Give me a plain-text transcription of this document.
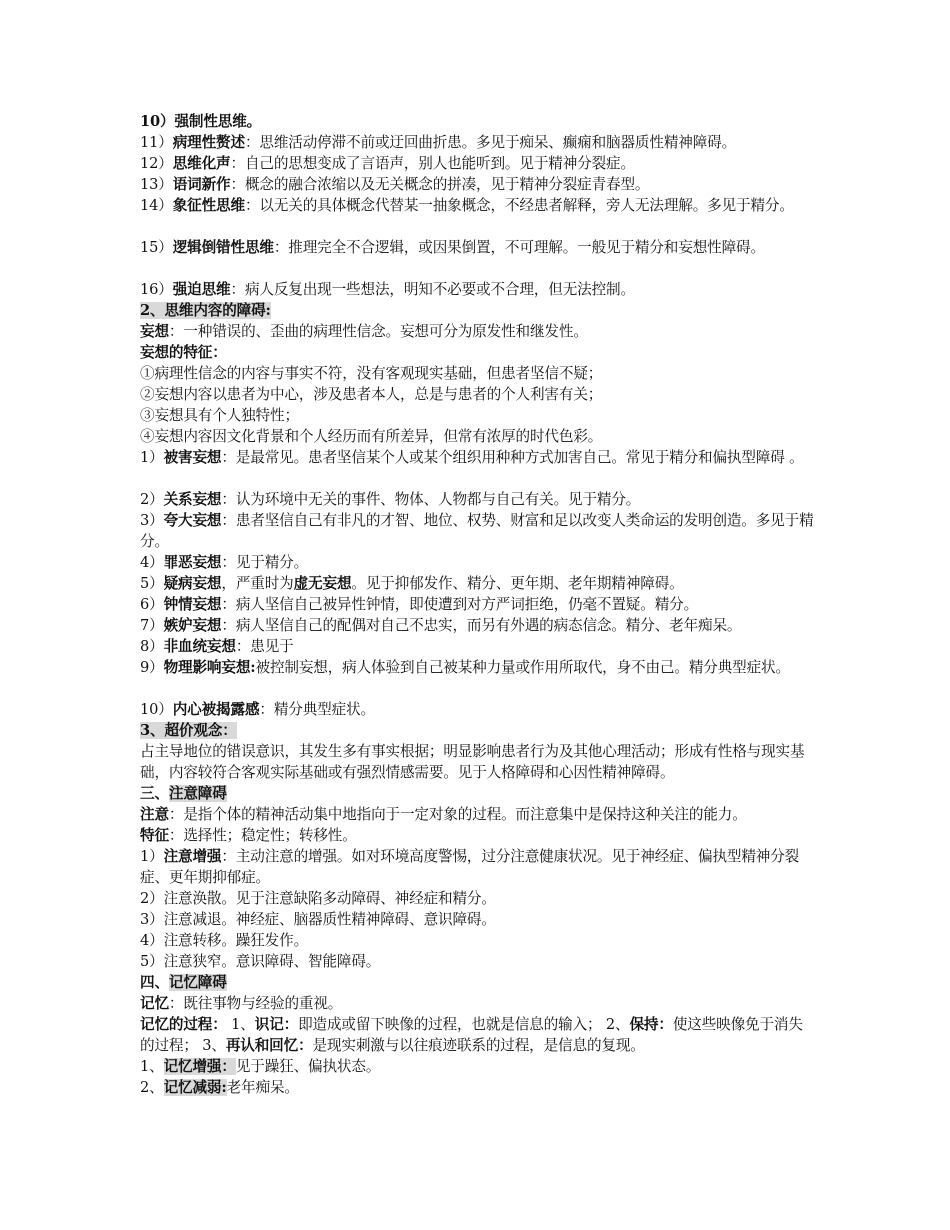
10）强制性思维。
11）病理性赘述：思维活动停滞不前或迂回曲折患。多见于痴呆、癫痫和脑器质性精神障碍。
12）思维化声：自己的思想变成了言语声，别人也能听到。见于精神分裂症。
13）语词新作：概念的融合浓缩以及无关概念的拼凑，见于精神分裂症青春型。
14）象征性思维：以无关的具体概念代替某一抽象概念，不经患者解释，旁人无法理解。多见于精分。
15）逻辑倒错性思维：推理完全不合逻辑，或因果倒置，不可理解。一般见于精分和妄想性障碍。
16）强迫思维：病人反复出现一些想法，明知不必要或不合理，但无法控制。
2、思维内容的障碍:
妄想：一种错误的、歪曲的病理性信念。妄想可分为原发性和继发性。
妄想的特征：
①病理性信念的内容与事实不符，没有客观现实基础，但患者坚信不疑；
②妄想内容以患者为中心，涉及患者本人，总是与患者的个人利害有关；
③妄想具有个人独特性；
④妄想内容因文化背景和个人经历而有所差异，但常有浓厚的时代色彩。
1）被害妄想：是最常见。患者坚信某个人或某个组织用种种方式加害自己。常见于精分和偏执型障碍 。
2）关系妄想：认为环境中无关的事件、物体、人物都与自己有关。见于精分。
3）夸大妄想：患者坚信自己有非凡的才智、地位、权势、财富和足以改变人类命运的发明创造。多见于精分。
4）罪恶妄想：见于精分。
5）疑病妄想，严重时为虚无妄想。见于抑郁发作、精分、更年期、老年期精神障碍。
6）钟情妄想：病人坚信自己被异性钟情，即使遭到对方严词拒绝，仍毫不置疑。精分。
7）嫉妒妄想：病人坚信自己的配偶对自己不忠实，而另有外遇的病态信念。精分、老年痴呆。
8）非血统妄想：患见于
9）物理影响妄想:被控制妄想，病人体验到自己被某种力量或作用所取代，身不由己。精分典型症状。
10）内心被揭露感：精分典型症状。
3、超价观念：
占主导地位的错误意识，其发生多有事实根据；明显影响患者行为及其他心理活动；形成有性格与现实基础，内容较符合客观实际基础或有强烈情感需要。见于人格障碍和心因性精神障碍。
三、注意障碍
注意：是指个体的精神活动集中地指向于一定对象的过程。而注意集中是保持这种关注的能力。
特征：选择性；稳定性；转移性。
1）注意增强：主动注意的增强。如对环境高度警惕，过分注意健康状况。见于神经症、偏执型精神分裂症、更年期抑郁症。
2）注意涣散。见于注意缺陷多动障碍、神经症和精分。
3）注意减退。神经症、脑器质性精神障碍、意识障碍。
4）注意转移。躁狂发作。
5）注意狭窄。意识障碍、智能障碍。
四、记忆障碍
记忆：既往事物与经验的重视。
记忆的过程： 1、识记：即造成或留下映像的过程，也就是信息的输入； 2、保持：使这些映像免于消失的过程； 3、再认和回忆：是现实刺激与以往痕迹联系的过程，是信息的复现。
1、记忆增强：见于躁狂、偏执状态。
2、记忆减弱:老年痴呆。
